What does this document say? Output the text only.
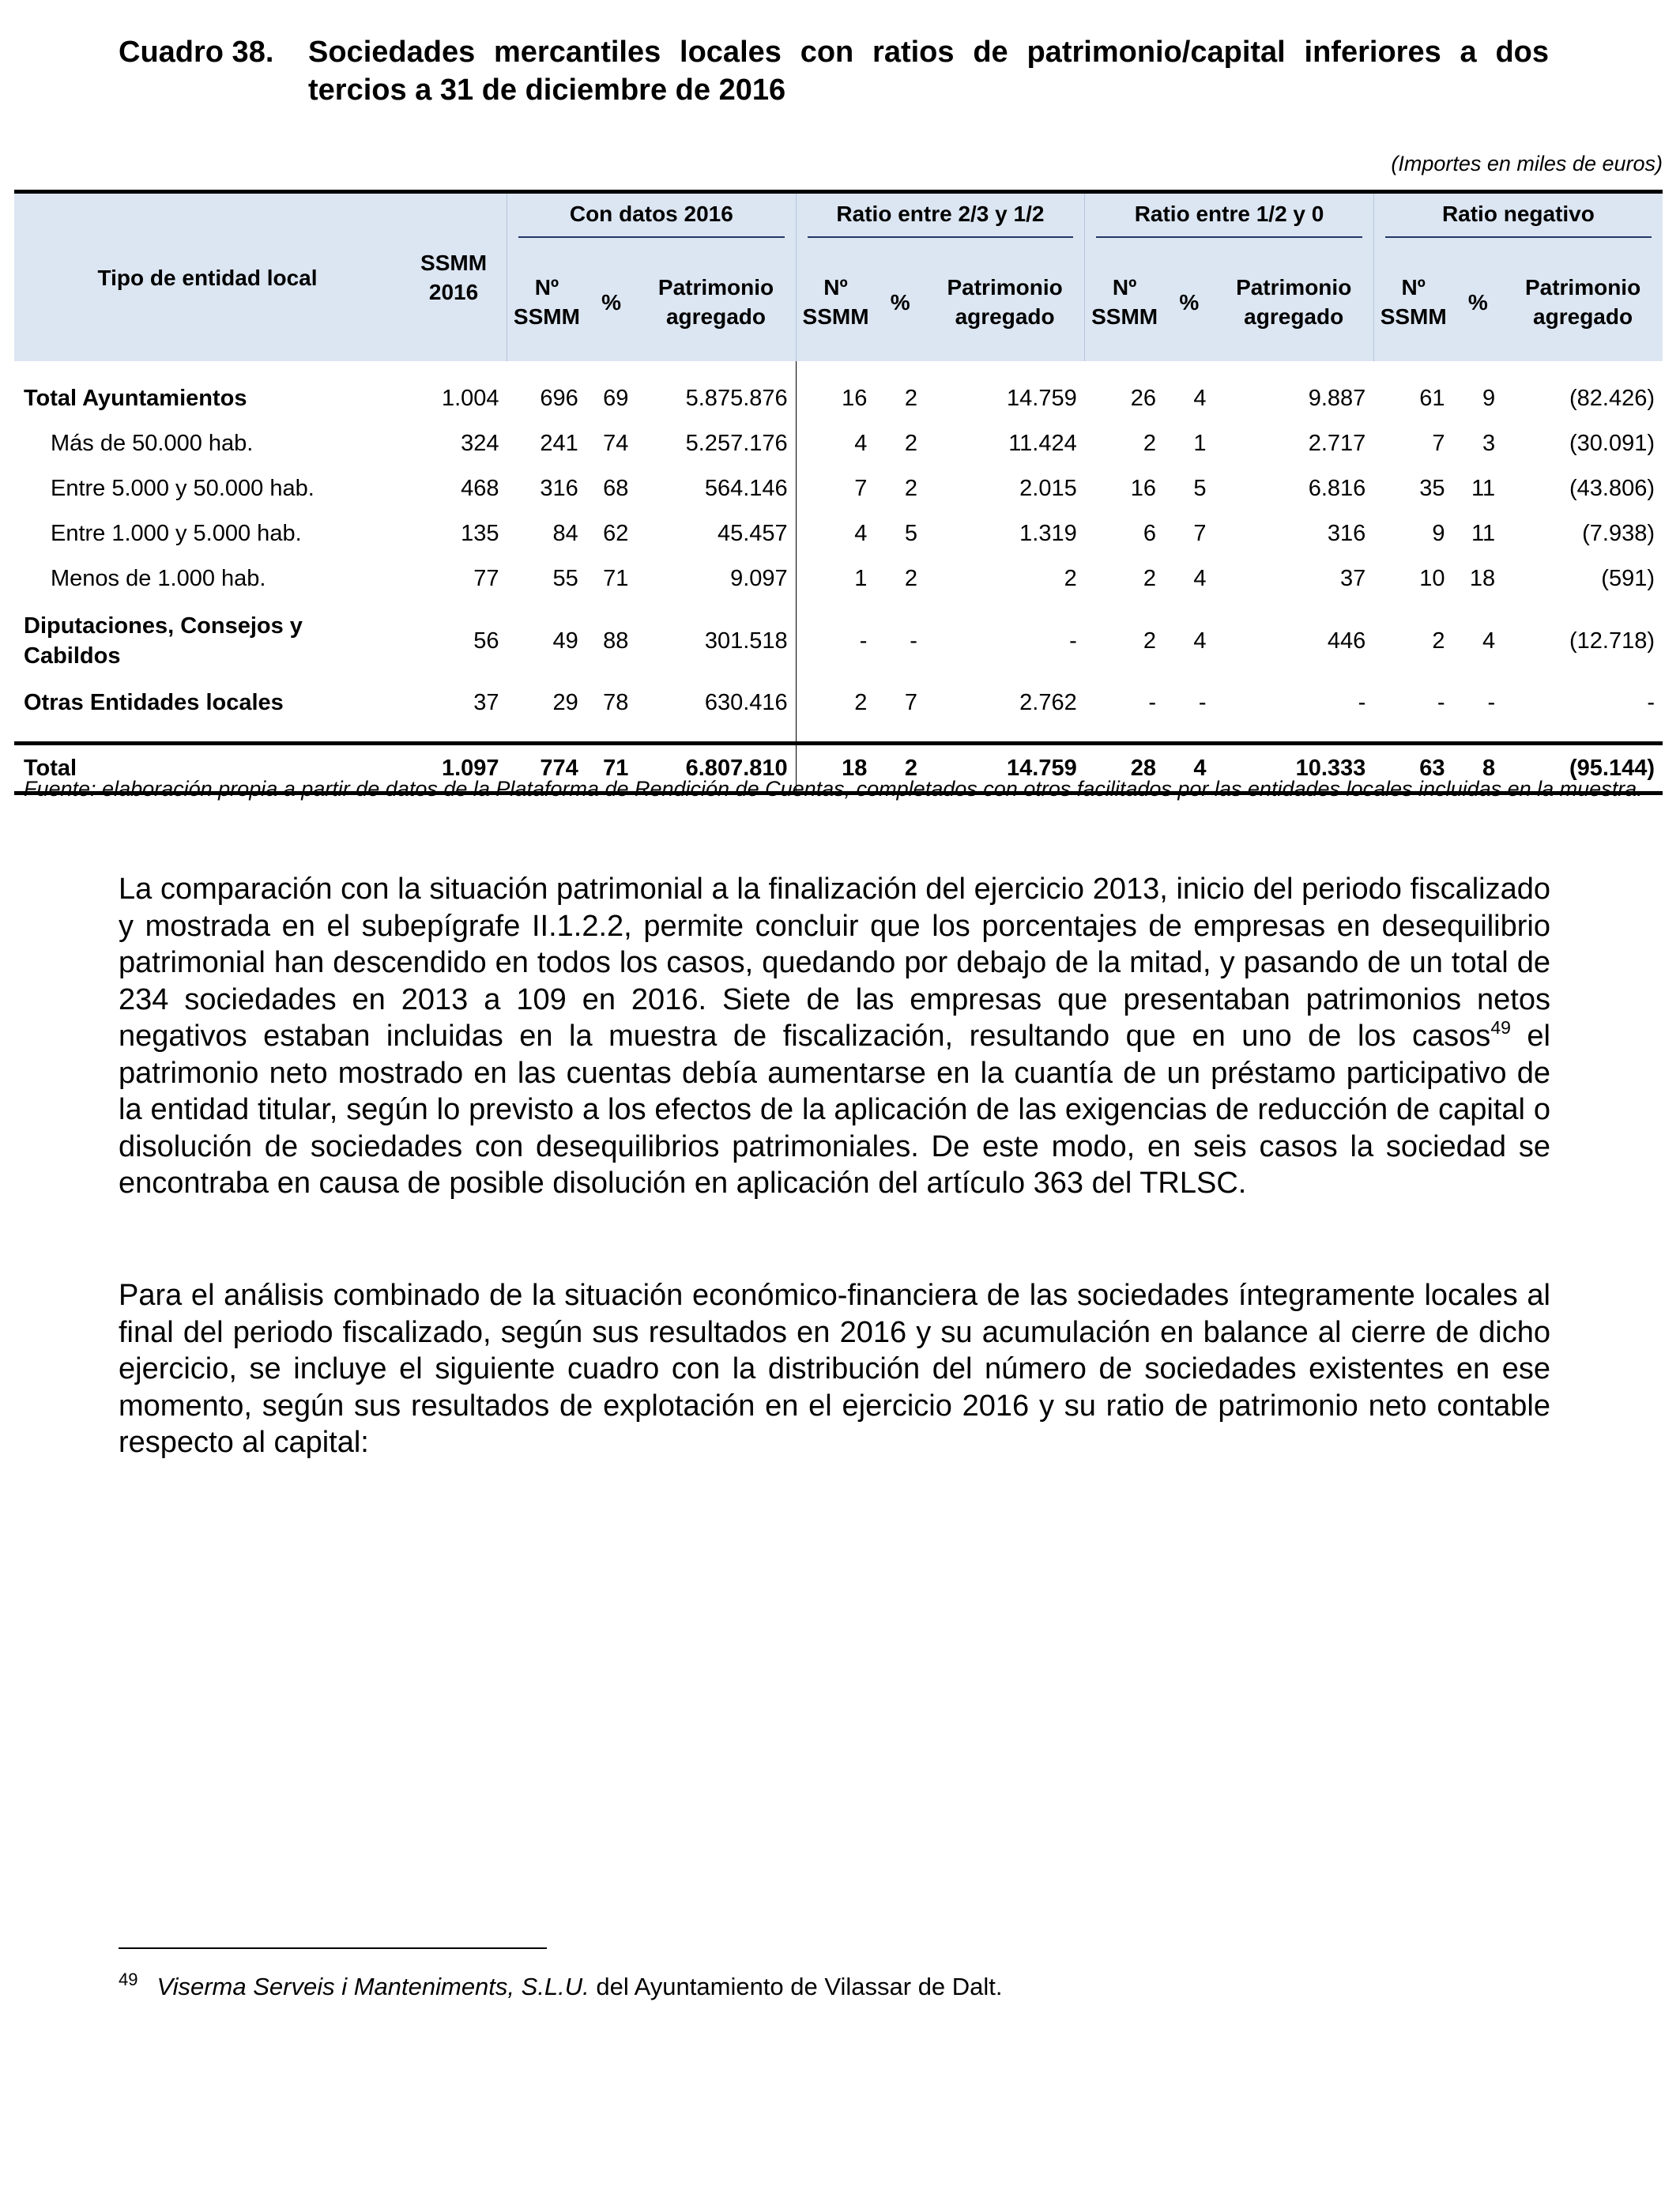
Cuadro 38. Sociedades mercantiles locales con ratios de patrimonio/capital inferiores a dos tercios a 31 de diciembre de 2016
(Importes en miles de euros)
Tipo de entidad local	SSMM 2016	Con datos 2016			Ratio entre 2/3 y 1/2			Ratio entre 1/2 y 0			Ratio negativo		

		Nº SSMM	%	Patrimonio agregado	Nº SSMM	%	Patrimonio agregado	Nº SSMM	%	Patrimonio agregado	Nº SSMM	%	Patrimonio agregado
Total Ayuntamientos	1.004	696	69	5.875.876	16	2	14.759	26	4	9.887	61	9	(82.426)
Más de 50.000 hab.	324	241	74	5.257.176	4	2	11.424	2	1	2.717	7	3	(30.091)
Entre 5.000 y 50.000 hab.	468	316	68	564.146	7	2	2.015	16	5	6.816	35	11	(43.806)
Entre 1.000 y 5.000 hab.	135	84	62	45.457	4	5	1.319	6	7	316	9	11	(7.938)
Menos de 1.000 hab.	77	55	71	9.097	1	2	2	2	4	37	10	18	(591)
Diputaciones, Consejos y Cabildos	56	49	88	301.518	-	-	-	2	4	446	2	4	(12.718)
Otras Entidades locales	37	29	78	630.416	2	7	2.762	-	-	-	-	-	-

Total	1.097	774	71	6.807.810	18	2	14.759	28	4	10.333	63	8	(95.144)
Fuente: elaboración propia a partir de datos de la Plataforma de Rendición de Cuentas, completados con otros facilitados por las entidades locales incluidas en la muestra.

La comparación con la situación patrimonial a la finalización del ejercicio 2013, inicio del periodo fiscalizado y mostrada en el subepígrafe II.1.2.2, permite concluir que los porcentajes de empresas en desequilibrio patrimonial han descendido en todos los casos, quedando por debajo de la mitad, y pasando de un total de 234 sociedades en 2013 a 109 en 2016. Siete de las empresas que presentaban patrimonios netos negativos estaban incluidas en la muestra de fiscalización, resultando que en uno de los casos$^{49}$ el patrimonio neto mostrado en las cuentas debía aumentarse en la cuantía de un préstamo participativo de la entidad titular, según lo previsto a los efectos de la aplicación de las exigencias de reducción de capital o disolución de sociedades con desequilibrios patrimoniales. De este modo, en seis casos la sociedad se encontraba en causa de posible disolución en aplicación del artículo 363 del TRLSC.

Para el análisis combinado de la situación económico-financiera de las sociedades íntegramente locales al final del periodo fiscalizado, según sus resultados en 2016 y su acumulación en balance al cierre de dicho ejercicio, se incluye el siguiente cuadro con la distribución del número de sociedades existentes en ese momento, según sus resultados de explotación en el ejercicio 2016 y su ratio de patrimonio neto contable respecto al capital:

$^{49}$ Viserma Serveis i Manteniments, S.L.U. del Ayuntamiento de Vilassar de Dalt.
